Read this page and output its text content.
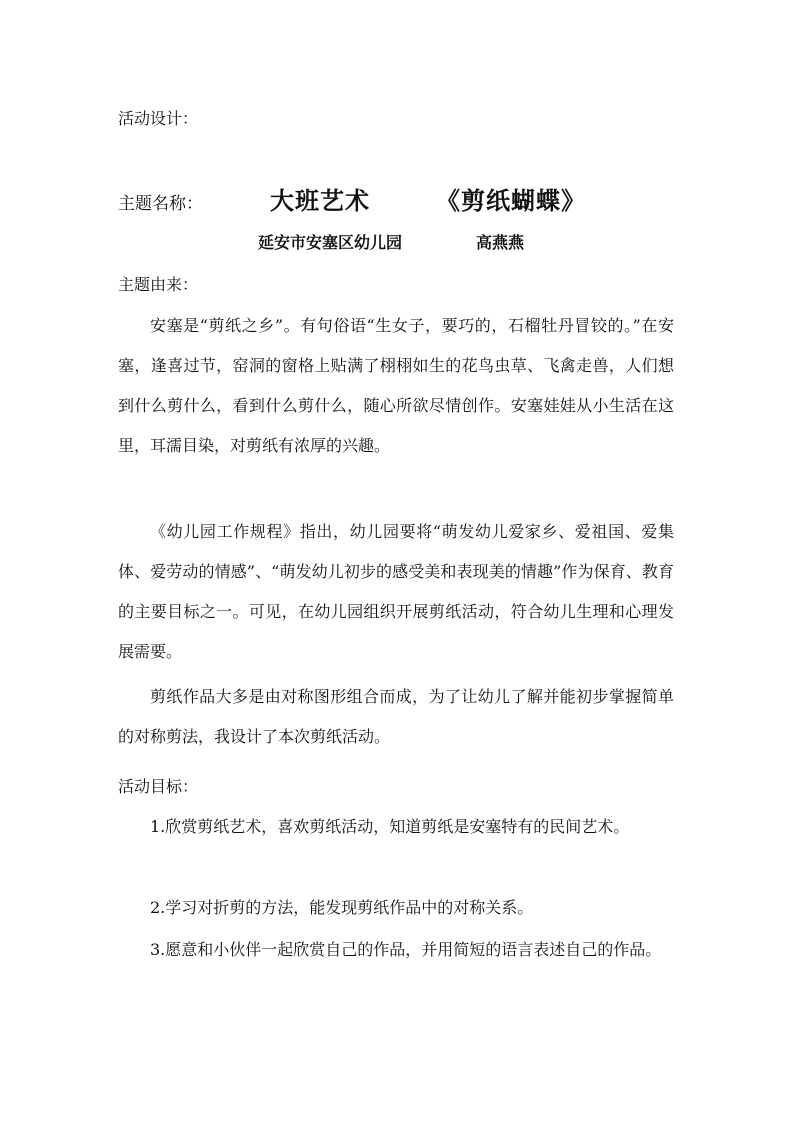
活动设计：

主题名称：	大班艺术	《剪纸蝴蝶》

延安市安塞区幼儿园	高燕燕

主题由来：

安塞是“剪纸之乡”。有句俗语“生女子，要巧的，石榴牡丹冒铰的。”在安塞，逢喜过节，窑洞的窗格上贴满了栩栩如生的花鸟虫草、飞禽走兽，人们想到什么剪什么，看到什么剪什么，随心所欲尽情创作。安塞娃娃从小生活在这里，耳濡目染，对剪纸有浓厚的兴趣。

《幼儿园工作规程》指出，幼儿园要将“萌发幼儿爱家乡、爱祖国、爱集体、爱劳动的情感”、“萌发幼儿初步的感受美和表现美的情趣”作为保育、教育的主要目标之一。可见，在幼儿园组织开展剪纸活动，符合幼儿生理和心理发展需要。

剪纸作品大多是由对称图形组合而成，为了让幼儿了解并能初步掌握简单的对称剪法，我设计了本次剪纸活动。

活动目标：

1.欣赏剪纸艺术，喜欢剪纸活动，知道剪纸是安塞特有的民间艺术。

2.学习对折剪的方法，能发现剪纸作品中的对称关系。

3.愿意和小伙伴一起欣赏自己的作品，并用简短的语言表述自己的作品。
